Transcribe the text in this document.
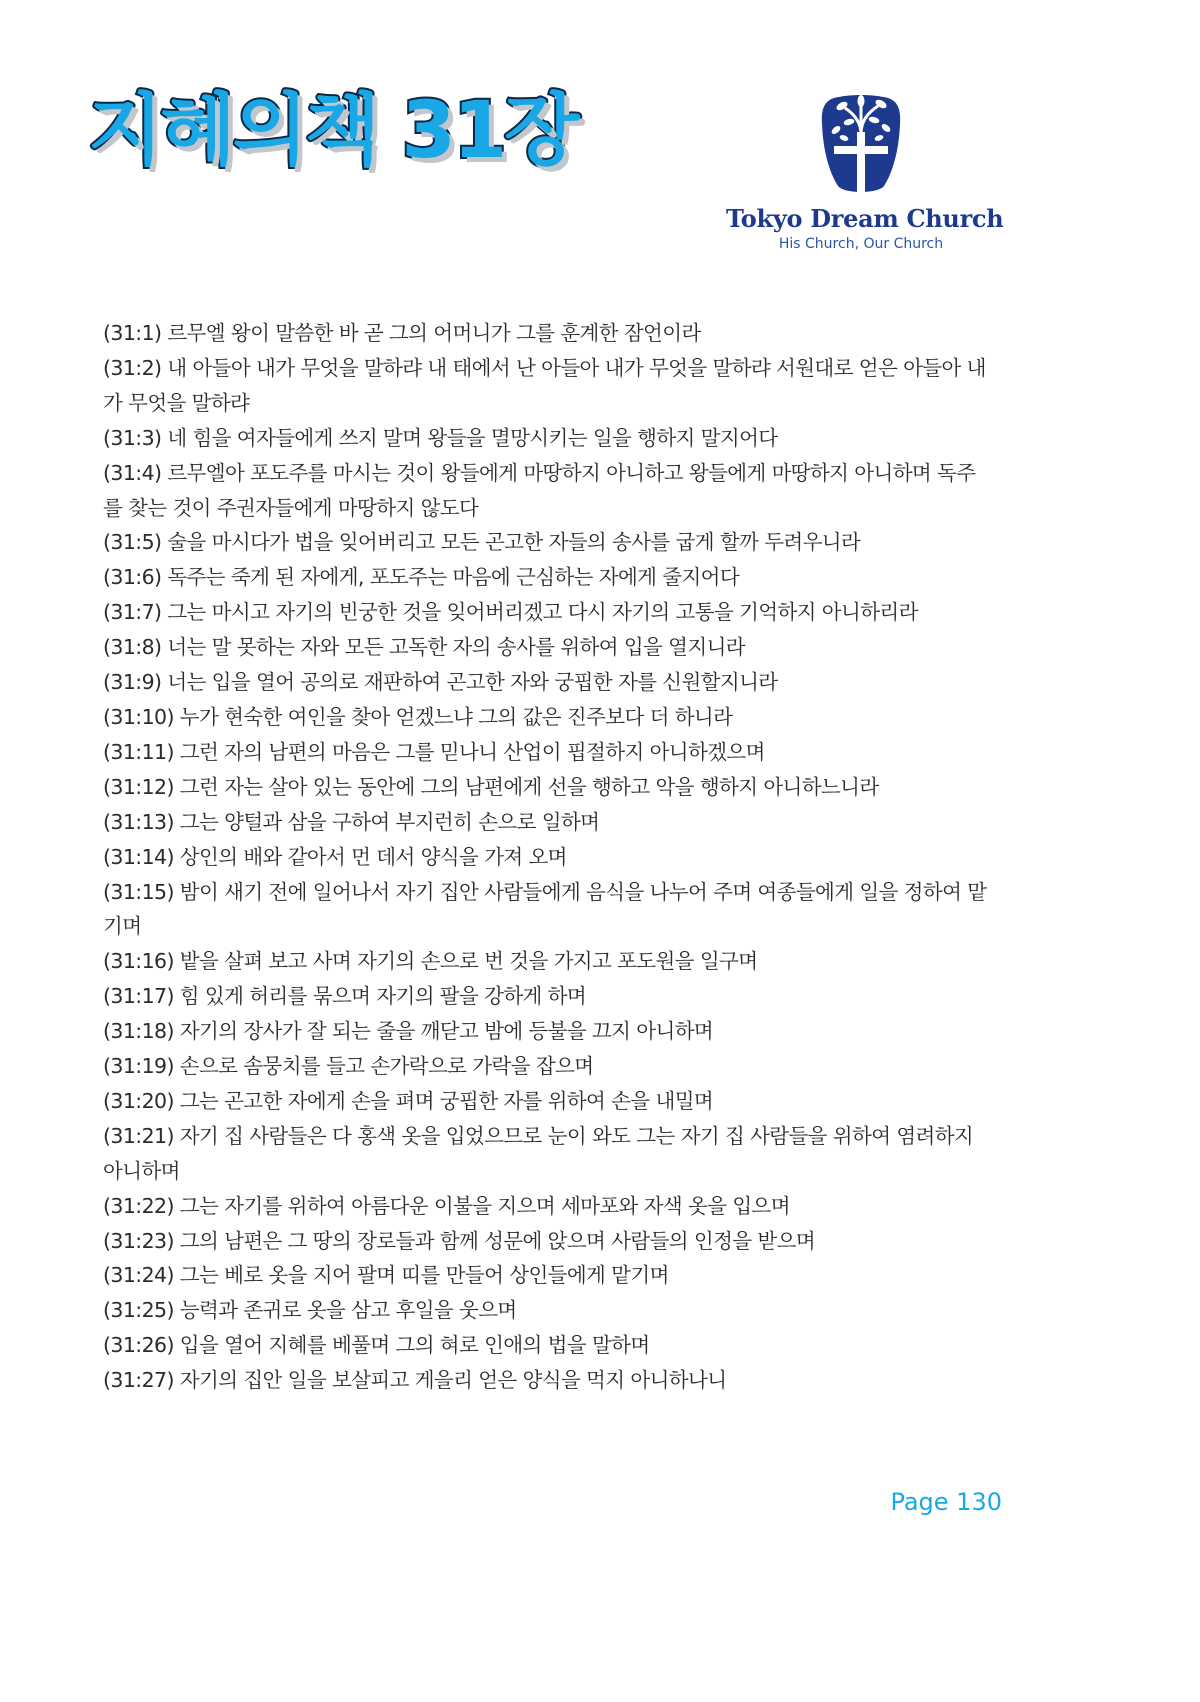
지혜의책 31장
Tokyo Dream Church
His Church, Our Church
(31:1) 르무엘 왕이 말씀한 바 곧 그의 어머니가 그를 훈계한 잠언이라
(31:2) 내 아들아 내가 무엇을 말하랴 내 태에서 난 아들아 내가 무엇을 말하랴 서원대로 얻은 아들아 내가 무엇을 말하랴
(31:3) 네 힘을 여자들에게 쓰지 말며 왕들을 멸망시키는 일을 행하지 말지어다
(31:4) 르무엘아 포도주를 마시는 것이 왕들에게 마땅하지 아니하고 왕들에게 마땅하지 아니하며 독주를 찾는 것이 주권자들에게 마땅하지 않도다
(31:5) 술을 마시다가 법을 잊어버리고 모든 곤고한 자들의 송사를 굽게 할까 두려우니라
(31:6) 독주는 죽게 된 자에게, 포도주는 마음에 근심하는 자에게 줄지어다
(31:7) 그는 마시고 자기의 빈궁한 것을 잊어버리겠고 다시 자기의 고통을 기억하지 아니하리라
(31:8) 너는 말 못하는 자와 모든 고독한 자의 송사를 위하여 입을 열지니라
(31:9) 너는 입을 열어 공의로 재판하여 곤고한 자와 궁핍한 자를 신원할지니라
(31:10) 누가 현숙한 여인을 찾아 얻겠느냐 그의 값은 진주보다 더 하니라
(31:11) 그런 자의 남편의 마음은 그를 믿나니 산업이 핍절하지 아니하겠으며
(31:12) 그런 자는 살아 있는 동안에 그의 남편에게 선을 행하고 악을 행하지 아니하느니라
(31:13) 그는 양털과 삼을 구하여 부지런히 손으로 일하며
(31:14) 상인의 배와 같아서 먼 데서 양식을 가져 오며
(31:15) 밤이 새기 전에 일어나서 자기 집안 사람들에게 음식을 나누어 주며 여종들에게 일을 정하여 맡기며
(31:16) 밭을 살펴 보고 사며 자기의 손으로 번 것을 가지고 포도원을 일구며
(31:17) 힘 있게 허리를 묶으며 자기의 팔을 강하게 하며
(31:18) 자기의 장사가 잘 되는 줄을 깨닫고 밤에 등불을 끄지 아니하며
(31:19) 손으로 솜뭉치를 들고 손가락으로 가락을 잡으며
(31:20) 그는 곤고한 자에게 손을 펴며 궁핍한 자를 위하여 손을 내밀며
(31:21) 자기 집 사람들은 다 홍색 옷을 입었으므로 눈이 와도 그는 자기 집 사람들을 위하여 염려하지 아니하며
(31:22) 그는 자기를 위하여 아름다운 이불을 지으며 세마포와 자색 옷을 입으며
(31:23) 그의 남편은 그 땅의 장로들과 함께 성문에 앉으며 사람들의 인정을 받으며
(31:24) 그는 베로 옷을 지어 팔며 띠를 만들어 상인들에게 맡기며
(31:25) 능력과 존귀로 옷을 삼고 후일을 웃으며
(31:26) 입을 열어 지혜를 베풀며 그의 혀로 인애의 법을 말하며
(31:27) 자기의 집안 일을 보살피고 게을리 얻은 양식을 먹지 아니하나니
Page 130
